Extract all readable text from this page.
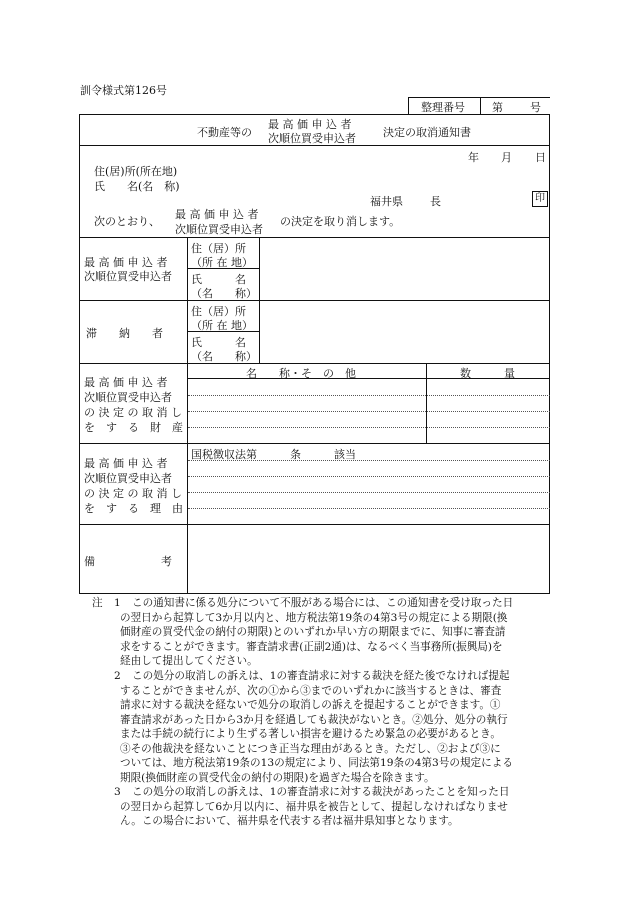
訓令様式第126号
整理番号 第 号
不動産等の
最 高 価 申 込 者
次順位買受申込者 決定の取消通知書
年 月 日
住(居)所(所在地)
氏　　名(名　称)
福井県 長	印
次のとおり、
最 高 価 申 込 者
次順位買受申込者
の決定を取り消します。
最 高 価 申 込 者
次順位買受申込者
住（居）所
（所 在 地）
氏　　　名
（名　　称）
滞　　納　　者
住（居）所
（所 在 地）
氏　　　名
（名　　称）
最 高 価 申 込 者
次順位買受申込者
の 決 定 の 取 消 し
を　す　る　財　産
名　　称・そ　の　他	数　　　量
最 高 価 申 込 者
次順位買受申込者
の 決 定 の 取 消 し
を　す　る　理　由
国税徴収法第　　　条　　　該当
備　　　　　　考
注 1 この通知書に係る処分について不服がある場合には、この通知書を受け取った日
の翌日から起算して3か月以内と、地方税法第19条の4第3号の規定による期限(換
価財産の買受代金の納付の期限)とのいずれか早い方の期限までに、知事に審査請
求をすることができます。審査請求書(正副2通)は、なるべく当事務所(振興局)を
経由して提出してください。
2 この処分の取消しの訴えは、1の審査請求に対する裁決を経た後でなければ提起
することができませんが、次の①から③までのいずれかに該当するときは、審査
請求に対する裁決を経ないで処分の取消しの訴えを提起することができます。①
審査請求があった日から3か月を経過しても裁決がないとき。②処分、処分の執行
または手続の続行により生ずる著しい損害を避けるため緊急の必要があるとき。
③その他裁決を経ないことにつき正当な理由があるとき。ただし、②および③に
ついては、地方税法第19条の13の規定により、同法第19条の4第3号の規定による
期限(換価財産の買受代金の納付の期限)を過ぎた場合を除きます。
3 この処分の取消しの訴えは、1の審査請求に対する裁決があったことを知った日
の翌日から起算して6か月以内に、福井県を被告として、提起しなければなりませ
ん。この場合において、福井県を代表する者は福井県知事となります。
